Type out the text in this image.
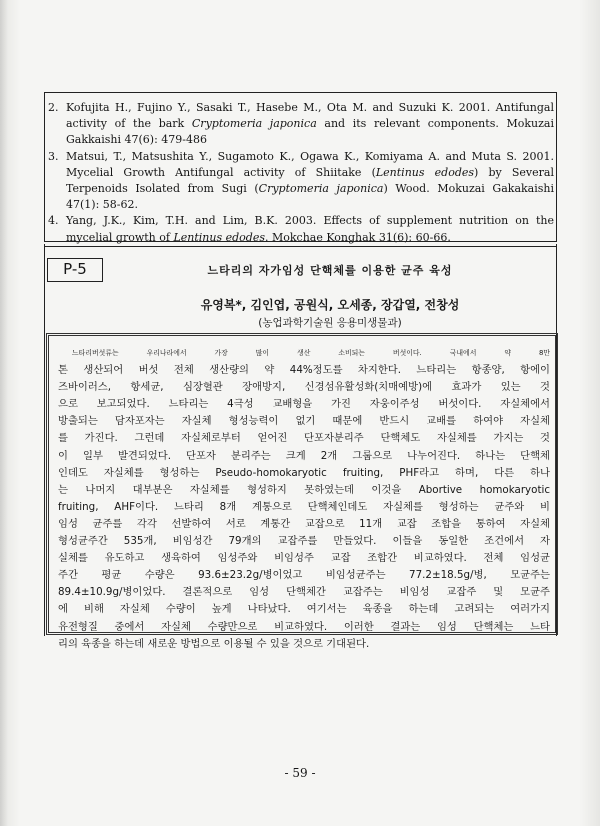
2. Kofujita H., Fujino Y., Sasaki T., Hasebe M., Ota M. and Suzuki K. 2001. Antifungal activity of the bark Cryptomeria japonica and its relevant components. Mokuzai Gakkaishi 47(6): 479-486
3. Matsui, T., Matsushita Y., Sugamoto K., Ogawa K., Komiyama A. and Muta S. 2001. Mycelial Growth Antifungal activity of Shiitake (Lentinus edodes) by Several Terpenoids Isolated from Sugi (Cryptomeria japonica) Wood. Mokuzai Gakakaishi 47(1): 58-62.
4. Yang, J.K., Kim, T.H. and Lim, B.K. 2003. Effects of supplement nutrition on the mycelial growth of Lentinus edodes. Mokchae Konghak 31(6): 60-66.
P-5	느타리의 자가임성 단핵체를 이용한 균주 육성
유영복*, 김인엽, 공원식, 오세종, 장갑열, 전창성
(농업과학기술원 응용미생물과)

느타리버섯류는 우리나라에서 가장 많이 생산 소비되는 버섯이다. 국내에서 약 8만

톤 생산되어 버섯 전체 생산량의 약 44%정도를 차지한다. 느타리는 항종양, 항에이

즈바이러스, 항세균, 심장혈관 장애방지, 신경섬유활성화(치매예방)에 효과가 있는 것

으로 보고되었다. 느타리는 4극성 교배형을 가진 자웅이주성 버섯이다. 자실체에서

방출되는 담자포자는 자실체 형성능력이 없기 때문에 반드시 교배를 하여야 자실체

를 가진다. 그런데 자실체로부터 얻어진 단포자분리주 단핵체도 자실체를 가지는 것

이 일부 발견되었다. 단포자 분리주는 크게 2개 그룹으로 나누어진다. 하나는 단핵체

인데도 자실체를 형성하는 Pseudo-homokaryotic fruiting, PHF라고 하며, 다른 하나

는 나머지 대부분은 자실체를 형성하지 못하였는데 이것을 Abortive homokaryotic

fruiting, AHF이다. 느타리 8개 계통으로 단핵체인데도 자실체를 형성하는 균주와 비

임성 균주를 각각 선발하여 서로 계통간 교잡으로 11개 교잡 조합을 통하여 자실체

형성균주간 535개, 비임성간 79개의 교잡주를 만들었다. 이들을 동일한 조건에서 자

실체를 유도하고 생육하여 임성주와 비임성주 교잡 조합간 비교하였다. 전체 임성균

주간 평균 수량은 93.6±23.2g/병이었고 비임성균주는 77.2±18.5g/병, 모균주는

89.4±10.9g/병이었다. 결론적으로 임성 단핵체간 교잡주는 비임성 교잡주 및 모균주

에 비해 자실체 수량이 높게 나타났다. 여기서는 육종을 하는데 고려되는 여러가지

유전형질 중에서 자실체 수량만으로 비교하였다. 이러한 결과는 임성 단핵체는 느타

리의 육종을 하는데 새로운 방법으로 이용될 수 있을 것으로 기대된다.

- 59 -
